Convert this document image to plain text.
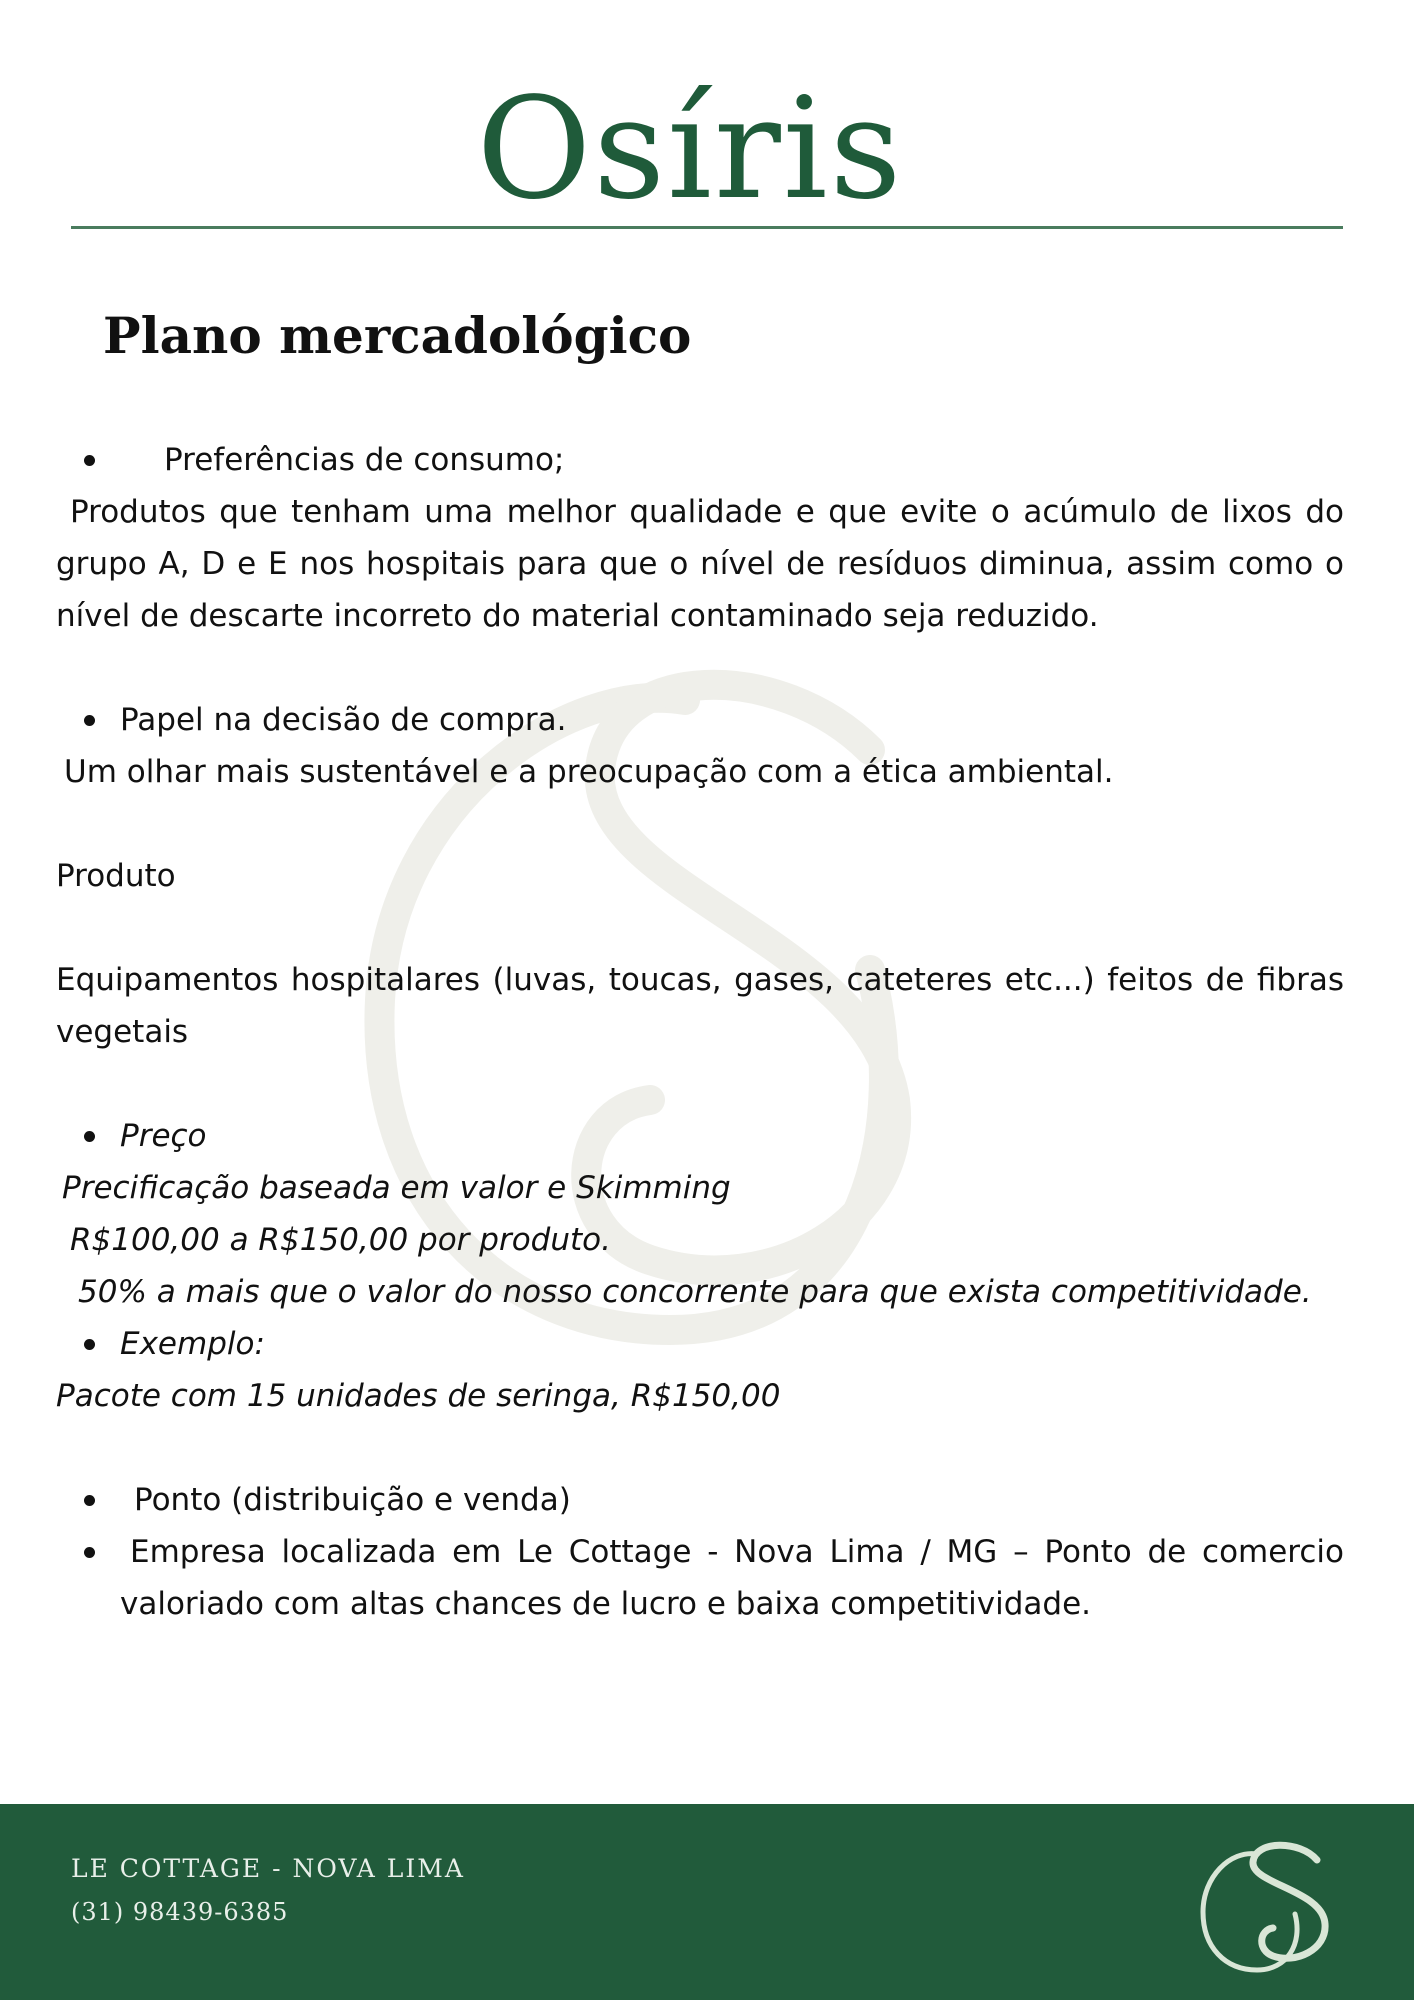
Osíris
Plano mercadológico

Preferências de consumo;

Produtos que tenham uma melhor qualidade e que evite o acúmulo de lixos do grupo A, D e E nos hospitais para que o nível de resíduos diminua, assim como o nível de descarte incorreto do material contaminado seja reduzido.

Papel na decisão de compra.

Um olhar mais sustentável e a preocupação com a ética ambiental.

Produto

Equipamentos hospitalares (luvas, toucas, gases, cateteres etc...) feitos de fibras vegetais

Preço

Precificação baseada em valor e Skimming

R$100,00 a R$150,00 por produto.

50% a mais que o valor do nosso concorrente para que exista competitividade.

Exemplo:

Pacote com 15 unidades de seringa, R$150,00

Ponto (distribuição e venda)

Empresa localizada em Le Cottage - Nova Lima / MG – Ponto de comercio valoriado com altas chances de lucro e baixa competitividade.

LE COTTAGE - NOVA LIMA
(31) 98439-6385
